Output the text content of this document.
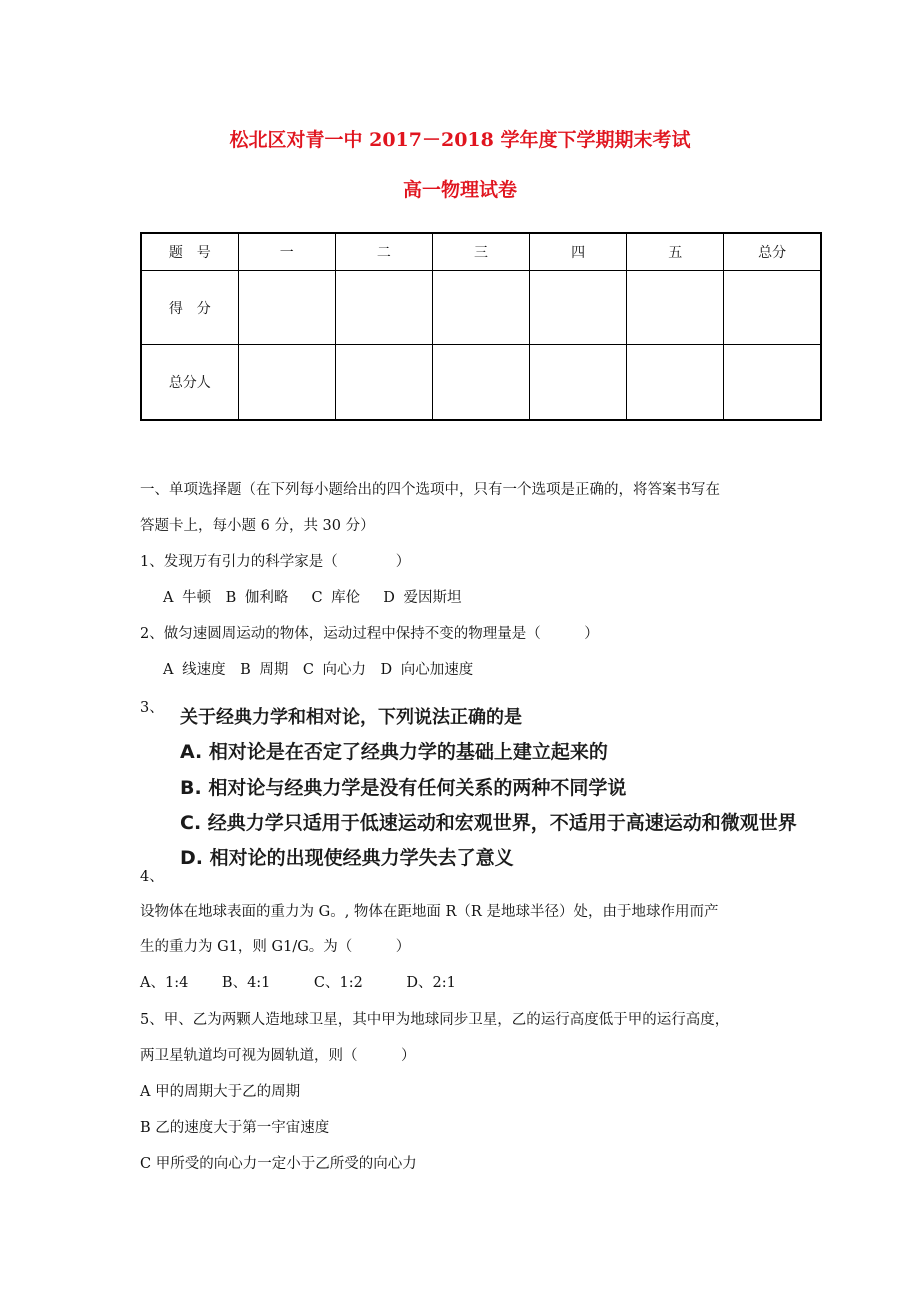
松北区对青一中 2017－2018 学年度下学期期末考试
高一物理试卷
题　号	一	二	三	四	五	总分
得　分						
总分人						
一、单项选择题（在下列每小题给出的四个选项中，只有一个选项是正确的，将答案书写在
答题卡上，每小题 6 分，共 30 分）
1、发现万有引力的科学家是（　　　　）
A 牛顿　B 伽利略　 C 库伦　 D 爱因斯坦
2、做匀速圆周运动的物体，运动过程中保持不变的物理量是（　　　）
A 线速度　B 周期　C 向心力　D 向心加速度
3、 关于经典力学和相对论，下列说法正确的是
A. 相对论是在否定了经典力学的基础上建立起来的
B. 相对论与经典力学是没有任何关系的两种不同学说
C. 经典力学只适用于低速运动和宏观世界，不适用于高速运动和微观世界
D. 相对论的出现使经典力学失去了意义
4、
设物体在地球表面的重力为 G。, 物体在距地面 R（R 是地球半径）处，由于地球作用而产
生的重力为 G1，则 G1/G。为（　　　）
A、1:4　　 B、4:1　　　C、1:2　　　D、2:1
5、甲、乙为两颗人造地球卫星，其中甲为地球同步卫星，乙的运行高度低于甲的运行高度，
两卫星轨道均可视为圆轨道，则（　　　）
A 甲的周期大于乙的周期
B 乙的速度大于第一宇宙速度
C 甲所受的向心力一定小于乙所受的向心力
